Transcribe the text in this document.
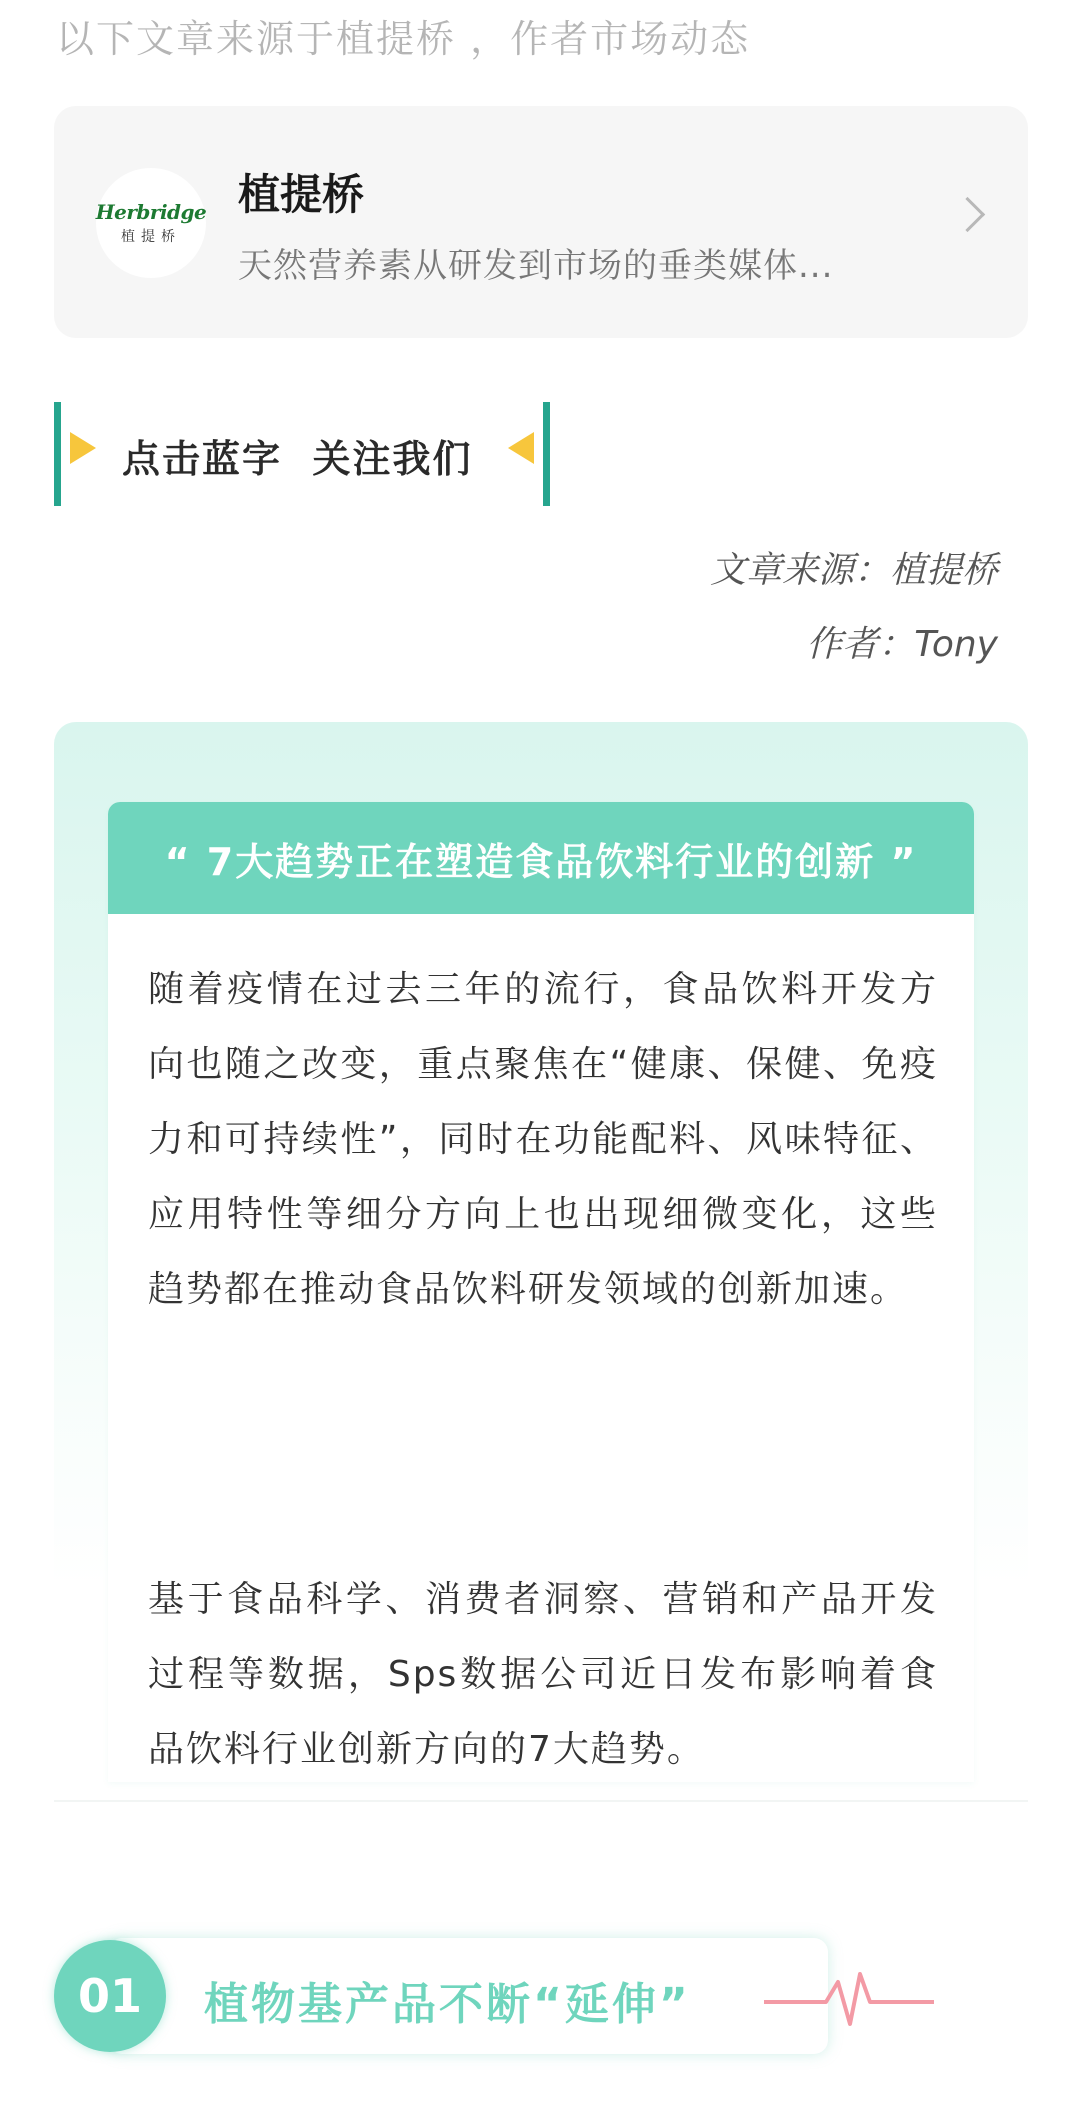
以下文章来源于植提桥 ，作者市场动态
Herbridge
植提桥
植提桥
天然营养素从研发到市场的垂类媒体...
点击蓝字  关注我们
文章来源：植提桥
作者：Tony
“ 7大趋势正在塑造食品饮料行业的创新 ”
随着疫情在过去三年的流行，食品饮料开发方向也随之改变，重点聚焦在“健康、保健、免疫力和可持续性”，同时在功能配料、风味特征、应用特性等细分方向上也出现细微变化，这些趋势都在推动食品饮料研发领域的创新加速。
基于食品科学、消费者洞察、营销和产品开发过程等数据，Sps数据公司近日发布影响着食品饮料行业创新方向的7大趋势。
01	植物基产品不断“延伸”
